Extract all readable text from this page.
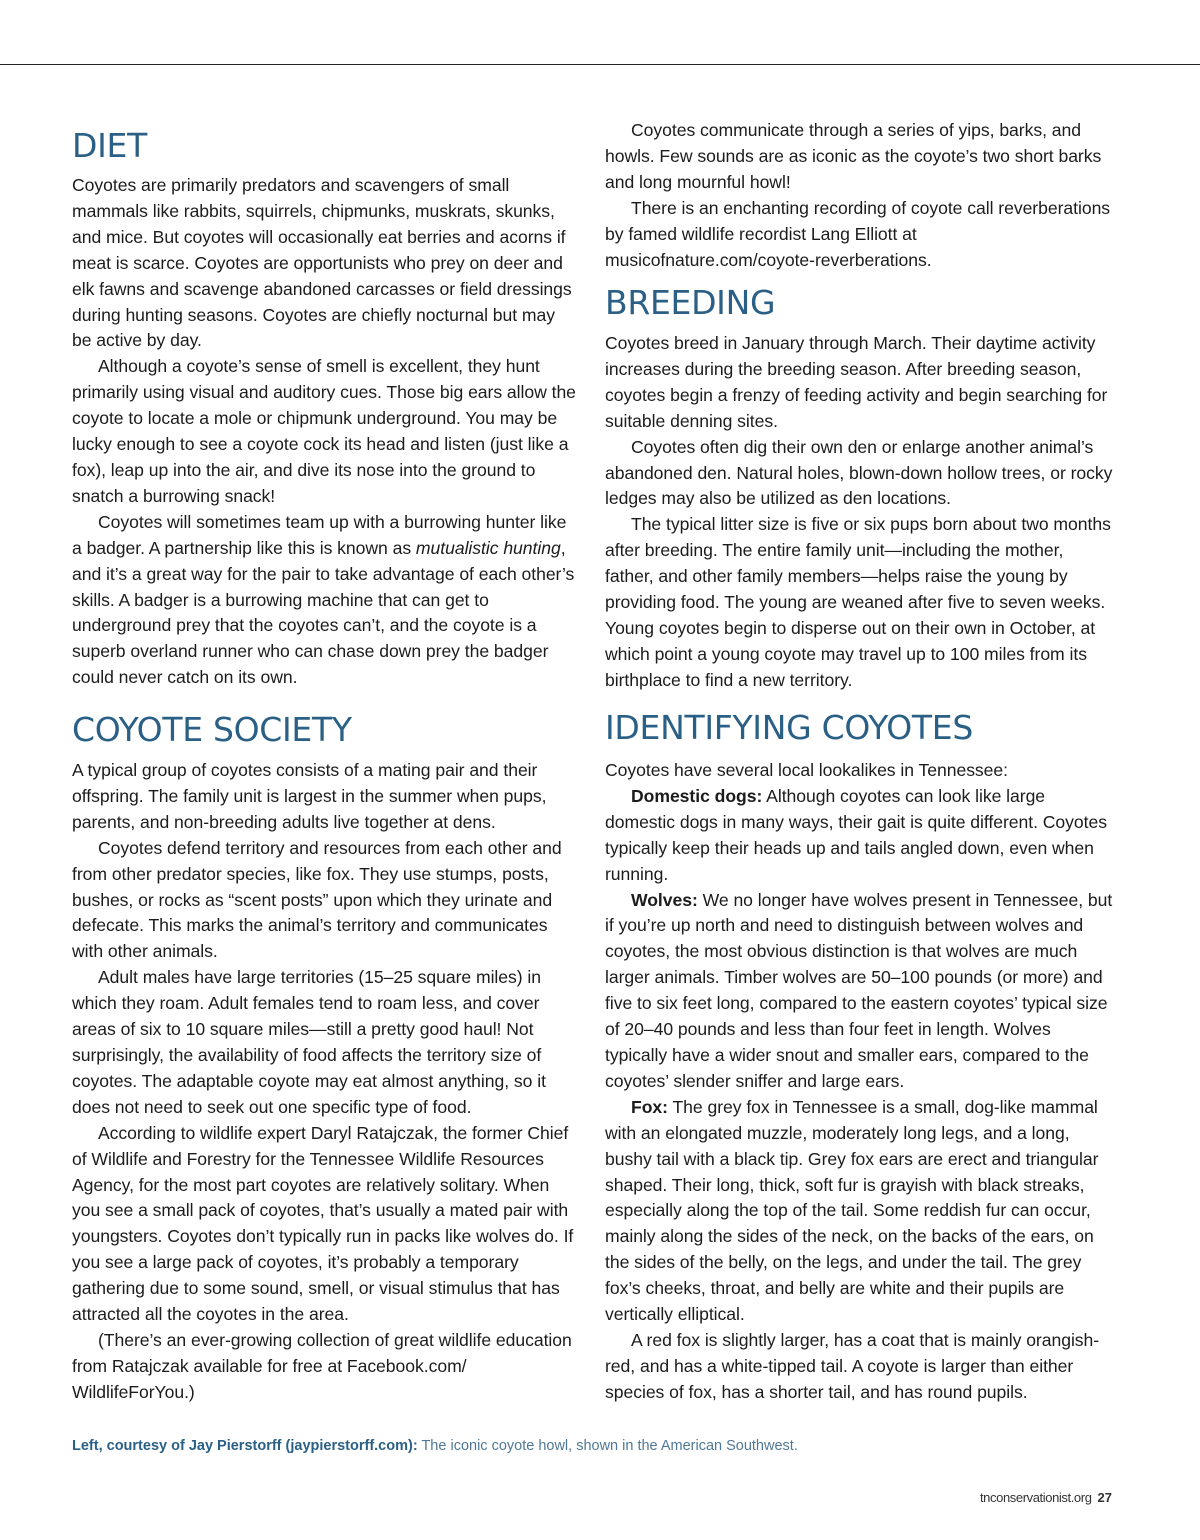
DIET

Coyotes are primarily predators and scavengers of small mammals like rabbits, squirrels, chipmunks, muskrats, skunks, and mice. But coyotes will occasionally eat berries and acorns if meat is scarce. Coyotes are opportunists who prey on deer and elk fawns and scavenge abandoned carcasses or field dressings during hunting seasons. Coyotes are chiefly nocturnal but may be active by day.

Although a coyote’s sense of smell is excellent, they hunt primarily using visual and auditory cues. Those big ears allow the coyote to locate a mole or chipmunk underground. You may be lucky enough to see a coyote cock its head and listen (just like a fox), leap up into the air, and dive its nose into the ground to snatch a burrowing snack!

Coyotes will sometimes team up with a burrowing hunter like a badger. A partnership like this is known as mutualistic hunting, and it’s a great way for the pair to take advantage of each other’s skills. A badger is a burrowing machine that can get to underground prey that the coyotes can’t, and the coyote is a superb overland runner who can chase down prey the badger could never catch on its own.

COYOTE SOCIETY

A typical group of coyotes consists of a mating pair and their offspring. The family unit is largest in the summer when pups, parents, and non-breeding adults live together at dens.

Coyotes defend territory and resources from each other and from other predator species, like fox. They use stumps, posts, bushes, or rocks as “scent posts” upon which they urinate and defecate. This marks the animal’s territory and communicates with other animals.

Adult males have large territories (15–25 square miles) in which they roam. Adult females tend to roam less, and cover areas of six to 10 square miles—still a pretty good haul! Not surprisingly, the availability of food affects the territory size of coyotes. The adaptable coyote may eat almost anything, so it does not need to seek out one specific type of food.

According to wildlife expert Daryl Ratajczak, the former Chief of Wildlife and Forestry for the Tennessee Wildlife Resources Agency, for the most part coyotes are relatively solitary. When you see a small pack of coyotes, that’s usually a mated pair with youngsters. Coyotes don’t typically run in packs like wolves do. If you see a large pack of coyotes, it’s probably a temporary gathering due to some sound, smell, or visual stimulus that has attracted all the coyotes in the area.

(There’s an ever-growing collection of great wildlife education from Ratajczak available for free at Facebook.com/ WildlifeForYou.)

Coyotes communicate through a series of yips, barks, and howls. Few sounds are as iconic as the coyote’s two short barks and long mournful howl!

There is an enchanting recording of coyote call reverberations by famed wildlife recordist Lang Elliott at musicofnature.com/coyote-reverberations.

BREEDING

Coyotes breed in January through March. Their daytime activity increases during the breeding season. After breeding season, coyotes begin a frenzy of feeding activity and begin searching for suitable denning sites.

Coyotes often dig their own den or enlarge another animal’s abandoned den. Natural holes, blown-down hollow trees, or rocky ledges may also be utilized as den locations.

The typical litter size is five or six pups born about two months after breeding. The entire family unit—including the mother, father, and other family members—helps raise the young by providing food. The young are weaned after five to seven weeks. Young coyotes begin to disperse out on their own in October, at which point a young coyote may travel up to 100 miles from its birthplace to find a new territory.

IDENTIFYING COYOTES

Coyotes have several local lookalikes in Tennessee:

Domestic dogs: Although coyotes can look like large domestic dogs in many ways, their gait is quite different. Coyotes typically keep their heads up and tails angled down, even when running.

Wolves: We no longer have wolves present in Tennessee, but if you’re up north and need to distinguish between wolves and coyotes, the most obvious distinction is that wolves are much larger animals. Timber wolves are 50–100 pounds (or more) and five to six feet long, compared to the eastern coyotes’ typical size of 20–40 pounds and less than four feet in length. Wolves typically have a wider snout and smaller ears, compared to the coyotes’ slender sniffer and large ears.

Fox: The grey fox in Tennessee is a small, dog-like mammal with an elongated muzzle, moderately long legs, and a long, bushy tail with a black tip. Grey fox ears are erect and triangular shaped. Their long, thick, soft fur is grayish with black streaks, especially along the top of the tail. Some reddish fur can occur, mainly along the sides of the neck, on the backs of the ears, on the sides of the belly, on the legs, and under the tail. The grey fox’s cheeks, throat, and belly are white and their pupils are vertically elliptical.

A red fox is slightly larger, has a coat that is mainly orangish-red, and has a white-tipped tail. A coyote is larger than either species of fox, has a shorter tail, and has round pupils.

Left, courtesy of Jay Pierstorff (jaypierstorff.com): The iconic coyote howl, shown in the American Southwest.
tnconservationist.org 27
